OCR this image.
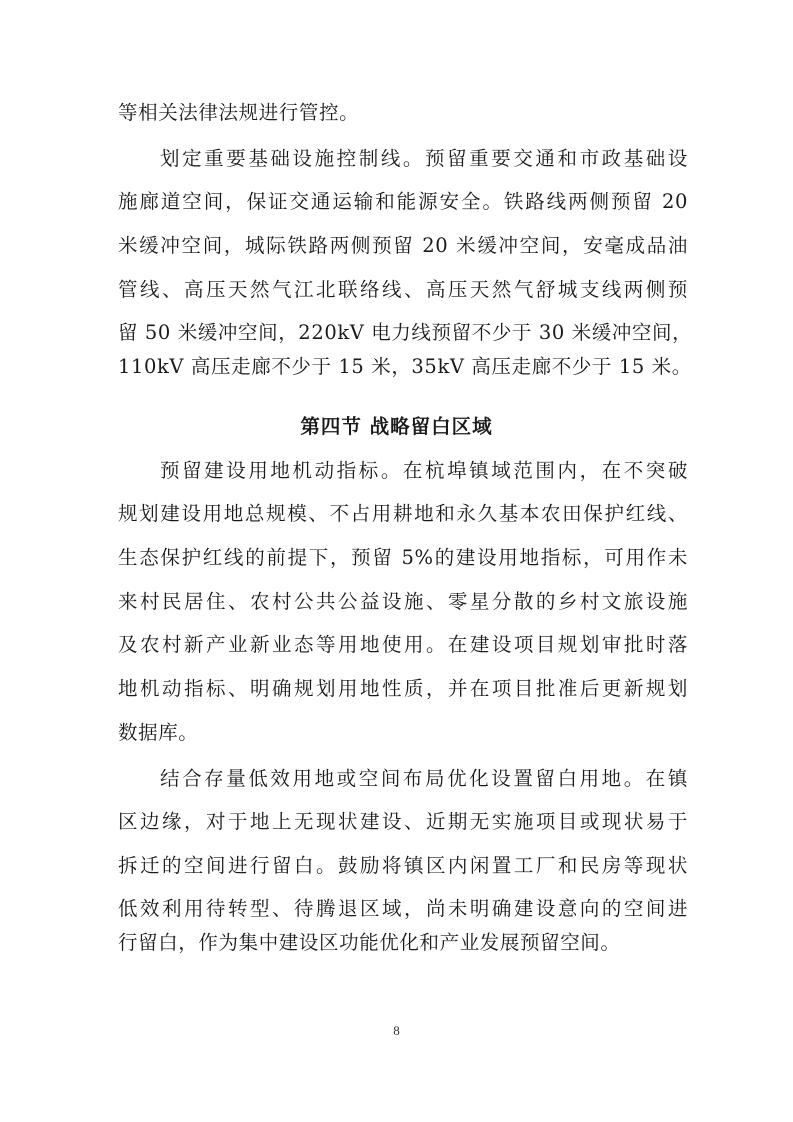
等相关法律法规进行管控。
划定重要基础设施控制线。预留重要交通和市政基础设
施廊道空间，保证交通运输和能源安全。铁路线两侧预留 20
米缓冲空间，城际铁路两侧预留 20 米缓冲空间，安毫成品油
管线、高压天然气江北联络线、高压天然气舒城支线两侧预
留 50 米缓冲空间，220kV 电力线预留不少于 30 米缓冲空间，
110kV 高压走廊不少于 15 米，35kV 高压走廊不少于 15 米。
第四节 战略留白区域
预留建设用地机动指标。在杭埠镇域范围内，在不突破
规划建设用地总规模、不占用耕地和永久基本农田保护红线、
生态保护红线的前提下，预留 5%的建设用地指标，可用作未
来村民居住、农村公共公益设施、零星分散的乡村文旅设施
及农村新产业新业态等用地使用。在建设项目规划审批时落
地机动指标、明确规划用地性质，并在项目批准后更新规划
数据库。
结合存量低效用地或空间布局优化设置留白用地。在镇
区边缘，对于地上无现状建设、近期无实施项目或现状易于
拆迁的空间进行留白。鼓励将镇区内闲置工厂和民房等现状
低效利用待转型、待腾退区域，尚未明确建设意向的空间进
行留白，作为集中建设区功能优化和产业发展预留空间。
8
